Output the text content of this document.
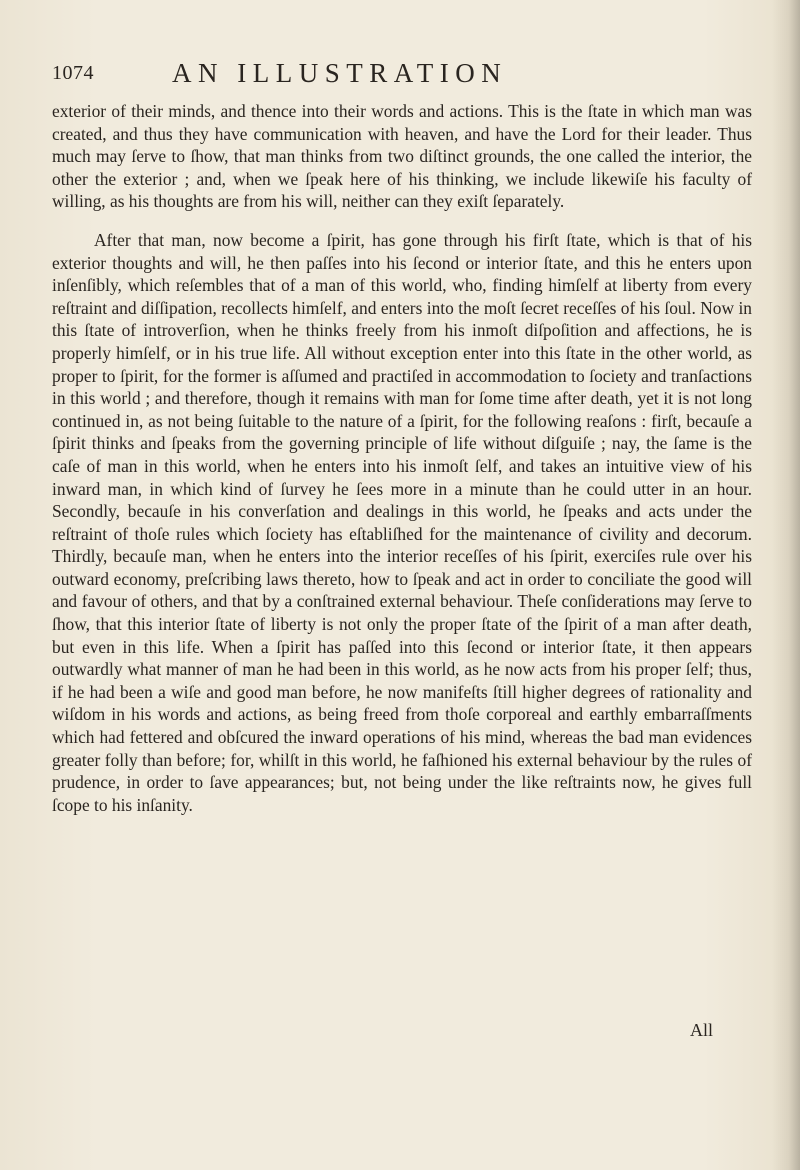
1074	AN ILLUSTRATION

exterior of their minds, and thence into their words and actions. This is the ſtate in which man was created, and thus they have communication with heaven, and have the Lord for their leader. Thus much may ſerve to ſhow, that man thinks from two diſtinct grounds, the one called the interior, the other the exterior ; and, when we ſpeak here of his thinking, we include likewiſe his faculty of willing, as his thoughts are from his will, neither can they exiſt ſeparately.

After that man, now become a ſpirit, has gone through his firſt ſtate, which is that of his exterior thoughts and will, he then paſſes into his ſecond or interior ſtate, and this he enters upon inſenſibly, which reſembles that of a man of this world, who, finding himſelf at liberty from every reſtraint and diſſipation, recollects himſelf, and enters into the moſt ſecret receſſes of his ſoul. Now in this ſtate of introverſion, when he thinks freely from his inmoſt diſpoſition and affections, he is properly himſelf, or in his true life. All without exception enter into this ſtate in the other world, as proper to ſpirit, for the former is aſſumed and practiſed in accommodation to ſociety and tranſactions in this world ; and therefore, though it remains with man for ſome time after death, yet it is not long continued in, as not being ſuitable to the nature of a ſpirit, for the following reaſons : firſt, becauſe a ſpirit thinks and ſpeaks from the governing principle of life without diſguiſe ; nay, the ſame is the caſe of man in this world, when he enters into his inmoſt ſelf, and takes an intuitive view of his inward man, in which kind of ſurvey he ſees more in a minute than he could utter in an hour. Secondly, becauſe in his converſation and dealings in this world, he ſpeaks and acts under the reſtraint of thoſe rules which ſociety has eſtabliſhed for the maintenance of civility and decorum. Thirdly, becauſe man, when he enters into the interior receſſes of his ſpirit, exerciſes rule over his outward economy, preſcribing laws thereto, how to ſpeak and act in order to conciliate the good will and favour of others, and that by a conſtrained external behaviour. Theſe conſiderations may ſerve to ſhow, that this interior ſtate of liberty is not only the proper ſtate of the ſpirit of a man after death, but even in this life. When a ſpirit has paſſed into this ſecond or interior ſtate, it then appears outwardly what manner of man he had been in this world, as he now acts from his proper ſelf; thus, if he had been a wiſe and good man before, he now manifeſts ſtill higher degrees of rationality and wiſdom in his words and actions, as being freed from thoſe corporeal and earthly embarraſſments which had fettered and obſcured the inward operations of his mind, whereas the bad man evidences greater folly than before; for, whilſt in this world, he faſhioned his external behaviour by the rules of prudence, in order to ſave appearances; but, not being under the like reſtraints now, he gives full ſcope to his inſanity.

All
